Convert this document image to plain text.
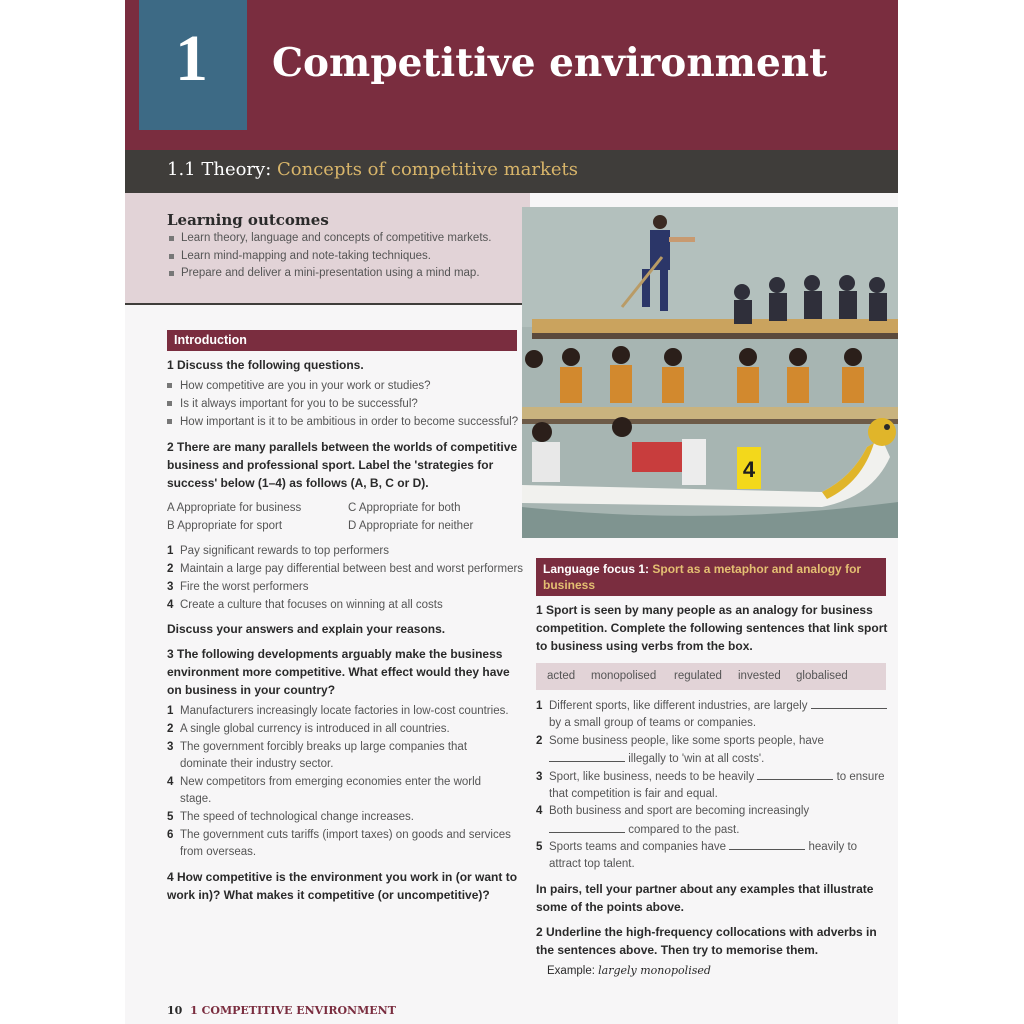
1 Competitive environment
1.1 Theory: Concepts of competitive markets
Learning outcomes
Learn theory, language and concepts of competitive markets.
Learn mind-mapping and note-taking techniques.
Prepare and deliver a mini-presentation using a mind map.
4
Introduction
1 Discuss the following questions.
How competitive are you in your work or studies?
Is it always important for you to be successful?
How important is it to be ambitious in order to become successful?
2 There are many parallels between the worlds of competitive
business and professional sport. Label the 'strategies for
success' below (1–4) as follows (A, B, C or D).
A Appropriate for business	C Appropriate for both
B Appropriate for sport	D Appropriate for neither
1 Pay significant rewards to top performers
2 Maintain a large pay differential between best and worst performers
3 Fire the worst performers
4 Create a culture that focuses on winning at all costs
Discuss your answers and explain your reasons.
3 The following developments arguably make the business
environment more competitive. What effect would they have
on business in your country?
1 Manufacturers increasingly locate factories in low-cost countries.
2 A single global currency is introduced in all countries.
3 The government forcibly breaks up large companies that
dominate their industry sector.
4 New competitors from emerging economies enter the world
stage.
5 The speed of technological change increases.
6 The government cuts tariffs (import taxes) on goods and services
from overseas.
4 How competitive is the environment you work in (or want to
work in)? What makes it competitive (or uncompetitive)?
Language focus 1: Sport as a metaphor and analogy for business
1 Sport is seen by many people as an analogy for business
competition. Complete the following sentences that link sport
to business using verbs from the box.
acted monopolised regulated invested globalised
1 Different sports, like different industries, are largely
by a small group of teams or companies.
2 Some business people, like some sports people, have
illegally to 'win at all costs'.
3 Sport, like business, needs to be heavily	to ensure
that competition is fair and equal.
4 Both business and sport are becoming increasingly
compared to the past.
5 Sports teams and companies have	heavily to
attract top talent.
In pairs, tell your partner about any examples that illustrate
some of the points above.
2 Underline the high-frequency collocations with adverbs in
the sentences above. Then try to memorise them.
Example: largely monopolised
10 1 COMPETITIVE ENVIRONMENT
